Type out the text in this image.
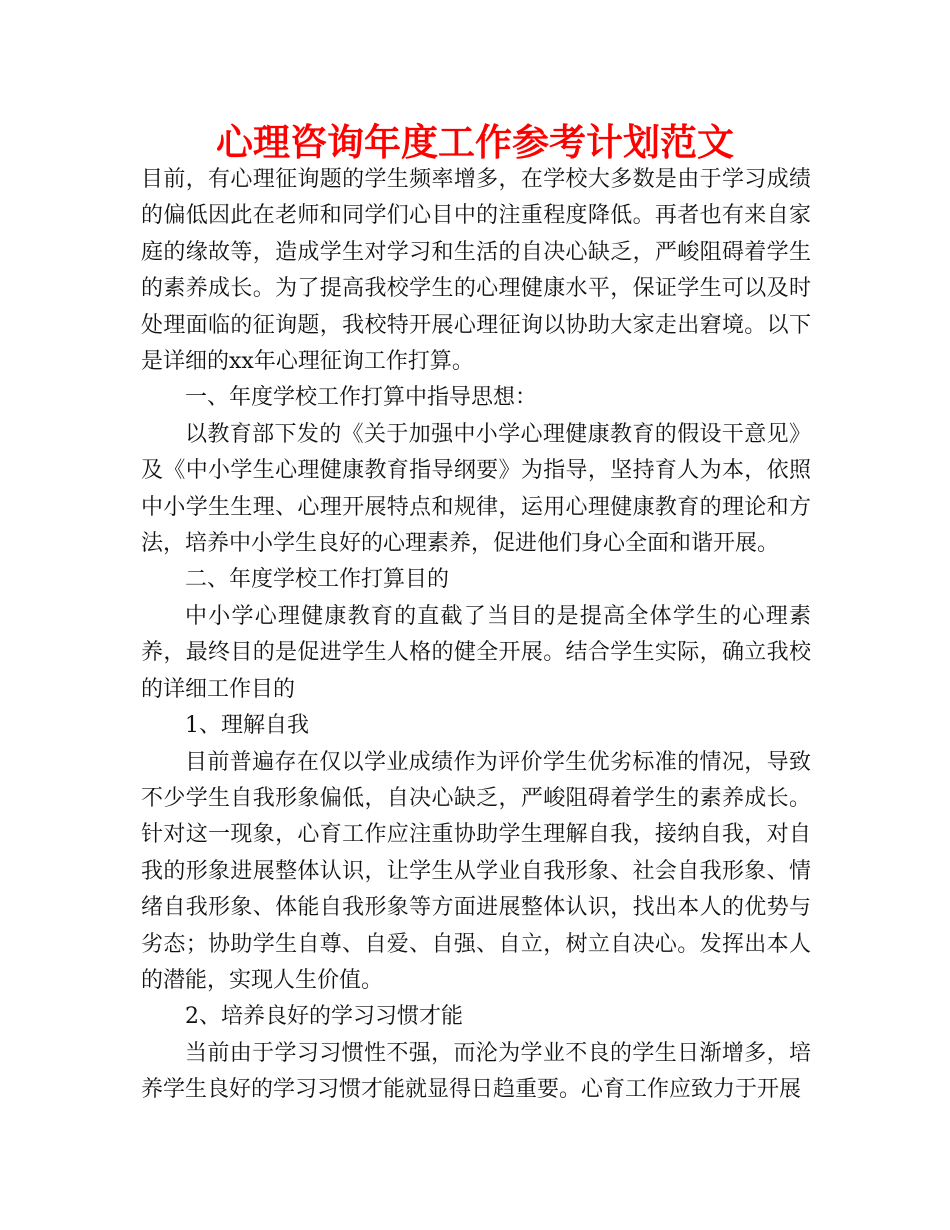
心理咨询年度工作参考计划范文

目前，有心理征询题的学生频率增多，在学校大多数是由于学习成绩的偏低因此在老师和同学们心目中的注重程度降低。再者也有来自家庭的缘故等，造成学生对学习和生活的自决心缺乏，严峻阻碍着学生的素养成长。为了提高我校学生的心理健康水平，保证学生可以及时处理面临的征询题，我校特开展心理征询以协助大家走出窘境。以下是详细的xx年心理征询工作打算。

一、年度学校工作打算中指导思想：

以教育部下发的《关于加强中小学心理健康教育的假设干意见》及《中小学生心理健康教育指导纲要》为指导，坚持育人为本，依照中小学生生理、心理开展特点和规律，运用心理健康教育的理论和方法，培养中小学生良好的心理素养，促进他们身心全面和谐开展。

二、年度学校工作打算目的

中小学心理健康教育的直截了当目的是提高全体学生的心理素养，最终目的是促进学生人格的健全开展。结合学生实际，确立我校的详细工作目的

1、理解自我

目前普遍存在仅以学业成绩作为评价学生优劣标准的情况，导致不少学生自我形象偏低，自决心缺乏，严峻阻碍着学生的素养成长。针对这一现象，心育工作应注重协助学生理解自我，接纳自我，对自我的形象进展整体认识，让学生从学业自我形象、社会自我形象、情绪自我形象、体能自我形象等方面进展整体认识，找出本人的优势与劣态；协助学生自尊、自爱、自强、自立，树立自决心。发挥出本人的潜能，实现人生价值。

2、培养良好的学习习惯才能

当前由于学习习惯性不强，而沦为学业不良的学生日渐增多，培养学生良好的学习习惯才能就显得日趋重要。心育工作应致力于开展
